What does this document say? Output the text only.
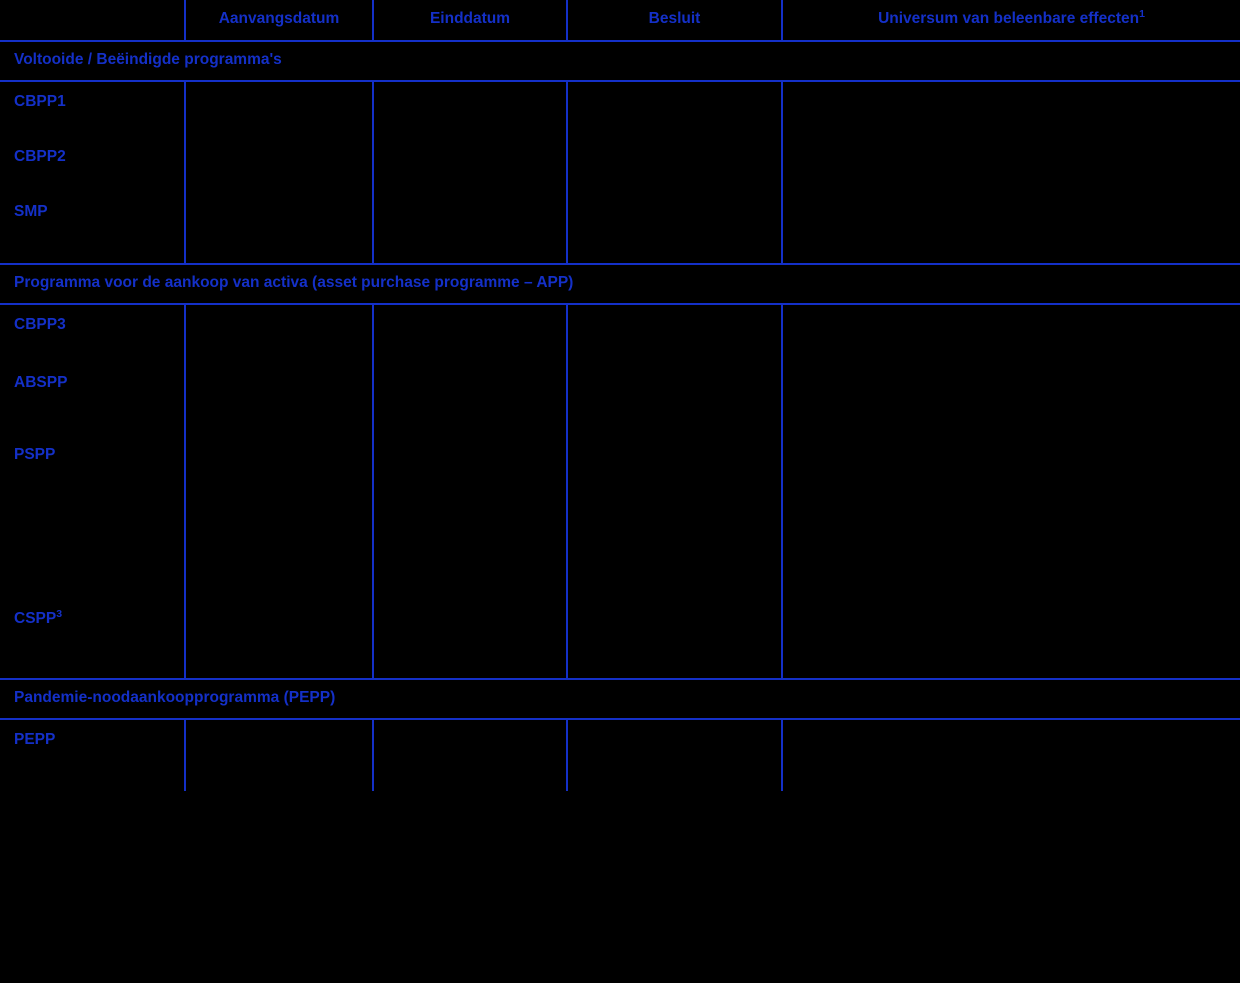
	Aanvangsdatum	Einddatum	Besluit	Universum van beleenbare effecten$^1$
Voltooide / Beëindigde programma's				
CBPP1				
CBPP2				
SMP				
Programma voor de aankoop van activa (asset purchase programme – APP)				
CBPP3				
ABSPP				
PSPP				
CSPP$^3$				
Pandemie-noodaankoopprogramma (PEPP)				
PEPP				
